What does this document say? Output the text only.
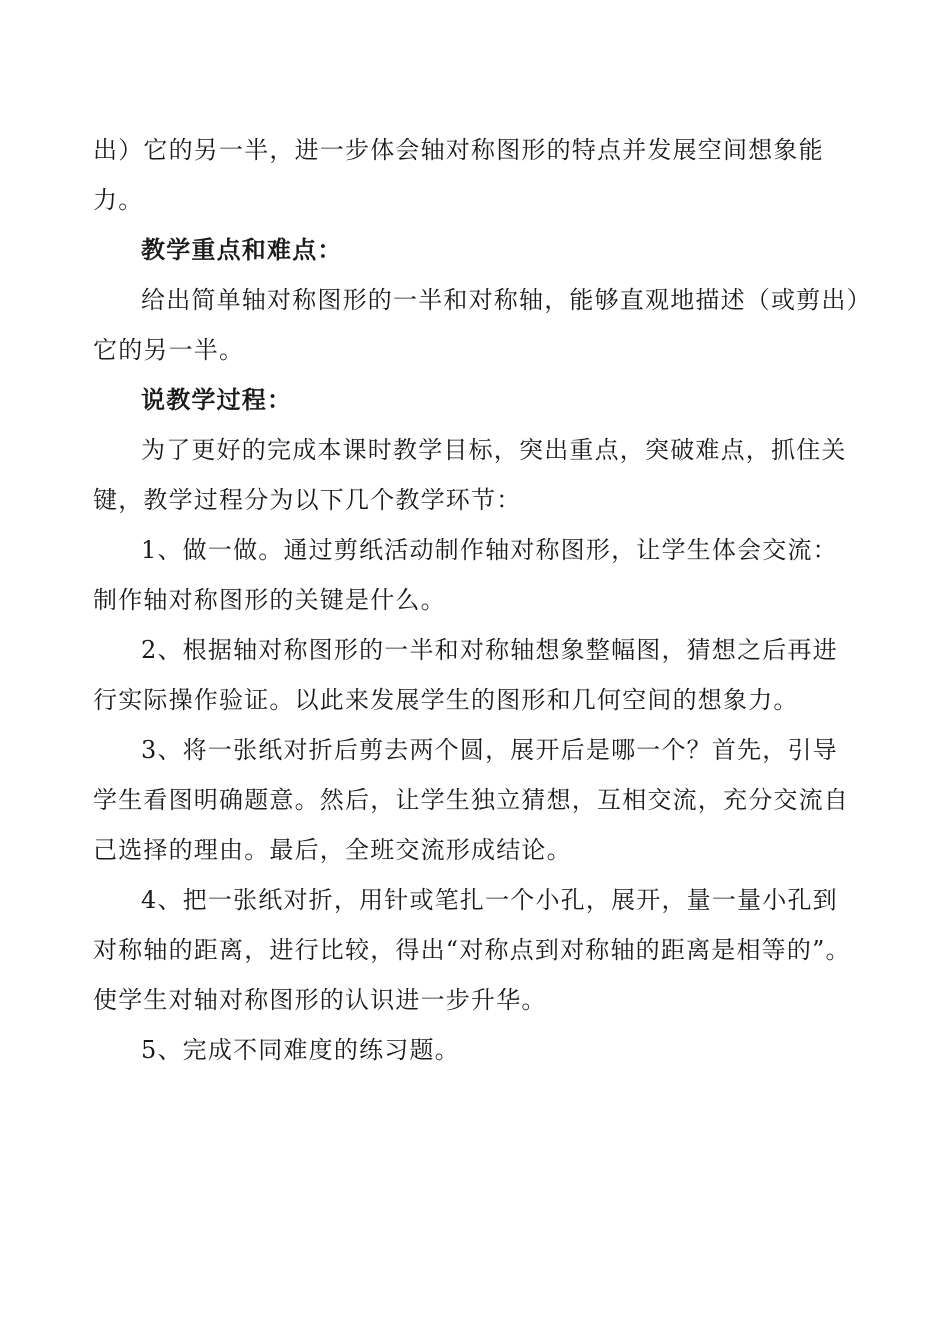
出）它的另一半，进一步体会轴对称图形的特点并发展空间想象能力。

教学重点和难点：

给出简单轴对称图形的一半和对称轴，能够直观地描述（或剪出）它的另一半。

说教学过程：

为了更好的完成本课时教学目标，突出重点，突破难点，抓住关键，教学过程分为以下几个教学环节：

1、做一做。通过剪纸活动制作轴对称图形，让学生体会交流：制作轴对称图形的关键是什么。

2、根据轴对称图形的一半和对称轴想象整幅图，猜想之后再进行实际操作验证。以此来发展学生的图形和几何空间的想象力。

3、将一张纸对折后剪去两个圆，展开后是哪一个？首先，引导学生看图明确题意。然后，让学生独立猜想，互相交流，充分交流自己选择的理由。最后，全班交流形成结论。

4、把一张纸对折，用针或笔扎一个小孔，展开，量一量小孔到对称轴的距离，进行比较，得出“对称点到对称轴的距离是相等的”。使学生对轴对称图形的认识进一步升华。

5、完成不同难度的练习题。
